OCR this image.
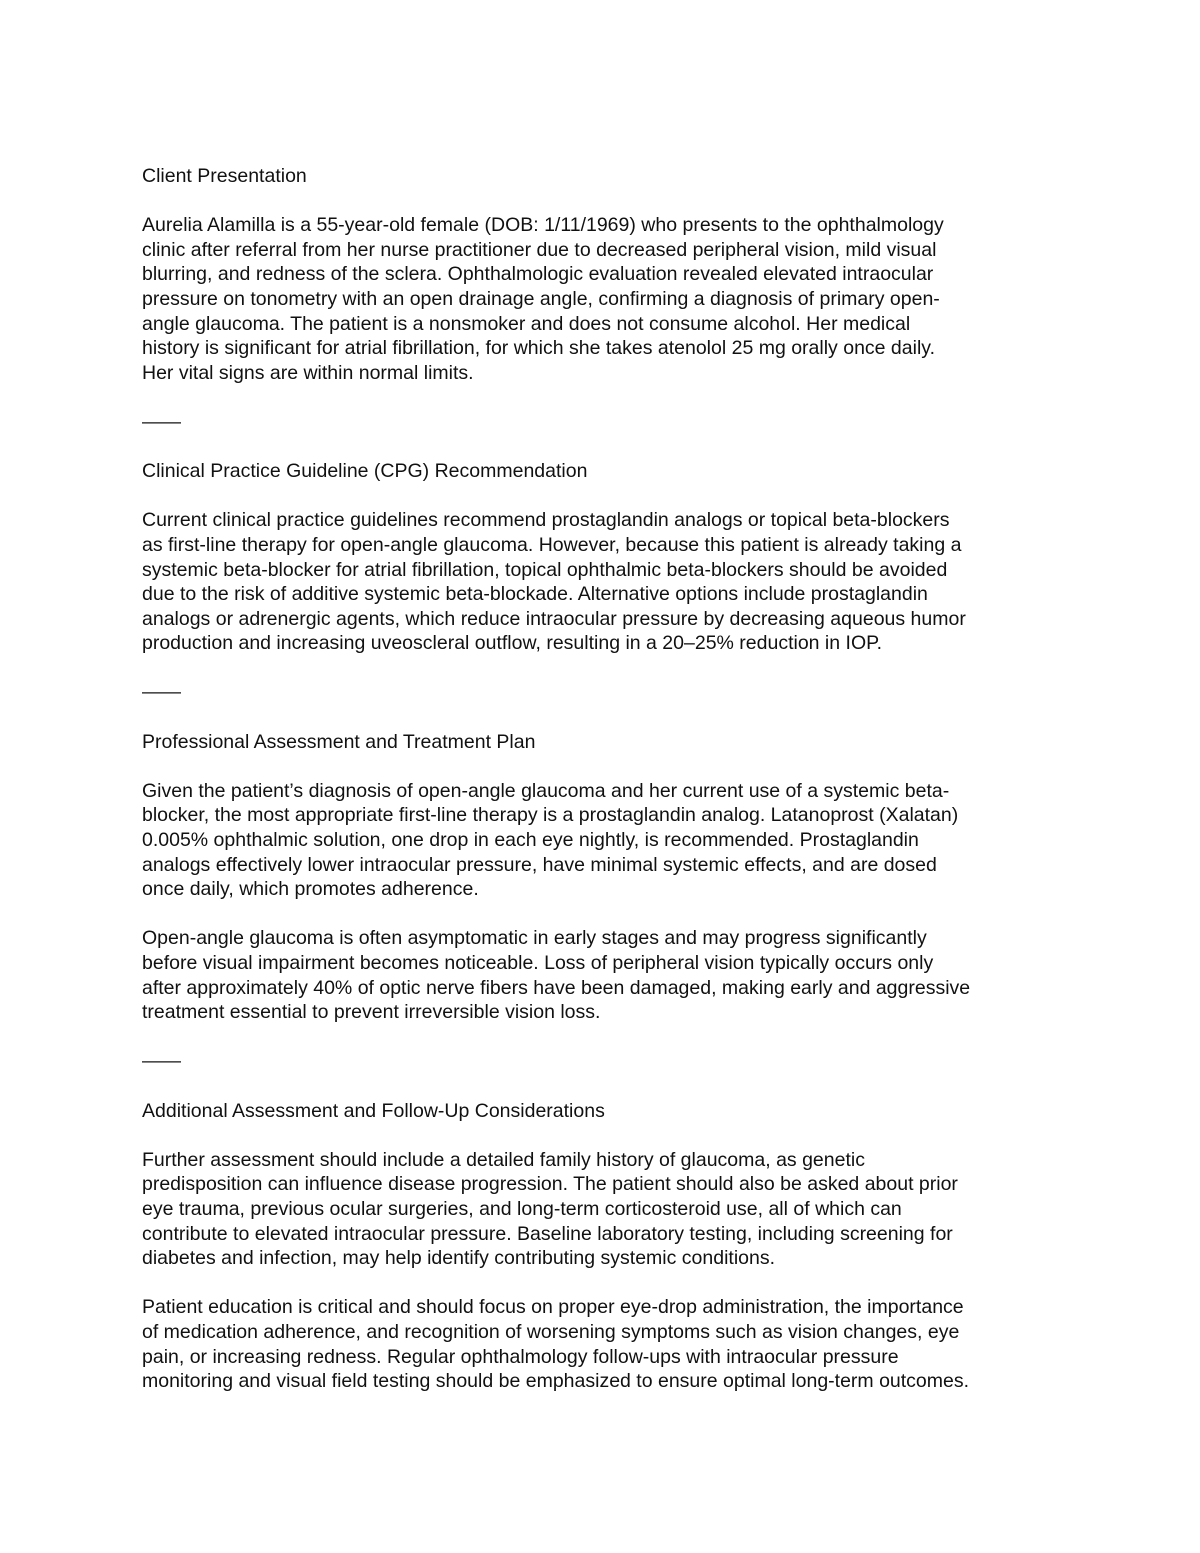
Client Presentation

Aurelia Alamilla is a 55-year-old female (DOB: 1/11/1969) who presents to the ophthalmology
clinic after referral from her nurse practitioner due to decreased peripheral vision, mild visual
blurring, and redness of the sclera. Ophthalmologic evaluation revealed elevated intraocular
pressure on tonometry with an open drainage angle, confirming a diagnosis of primary open-
angle glaucoma. The patient is a nonsmoker and does not consume alcohol. Her medical
history is significant for atrial fibrillation, for which she takes atenolol 25 mg orally once daily.
Her vital signs are within normal limits.

——
Clinical Practice Guideline (CPG) Recommendation

Current clinical practice guidelines recommend prostaglandin analogs or topical beta-blockers
as first-line therapy for open-angle glaucoma. However, because this patient is already taking a
systemic beta-blocker for atrial fibrillation, topical ophthalmic beta-blockers should be avoided
due to the risk of additive systemic beta-blockade. Alternative options include prostaglandin
analogs or adrenergic agents, which reduce intraocular pressure by decreasing aqueous humor
production and increasing uveoscleral outflow, resulting in a 20–25% reduction in IOP.

——
Professional Assessment and Treatment Plan

Given the patient’s diagnosis of open-angle glaucoma and her current use of a systemic beta-
blocker, the most appropriate first-line therapy is a prostaglandin analog. Latanoprost (Xalatan)
0.005% ophthalmic solution, one drop in each eye nightly, is recommended. Prostaglandin
analogs effectively lower intraocular pressure, have minimal systemic effects, and are dosed
once daily, which promotes adherence.

Open-angle glaucoma is often asymptomatic in early stages and may progress significantly
before visual impairment becomes noticeable. Loss of peripheral vision typically occurs only
after approximately 40% of optic nerve fibers have been damaged, making early and aggressive
treatment essential to prevent irreversible vision loss.

——
Additional Assessment and Follow-Up Considerations

Further assessment should include a detailed family history of glaucoma, as genetic
predisposition can influence disease progression. The patient should also be asked about prior
eye trauma, previous ocular surgeries, and long-term corticosteroid use, all of which can
contribute to elevated intraocular pressure. Baseline laboratory testing, including screening for
diabetes and infection, may help identify contributing systemic conditions.

Patient education is critical and should focus on proper eye-drop administration, the importance
of medication adherence, and recognition of worsening symptoms such as vision changes, eye
pain, or increasing redness. Regular ophthalmology follow-ups with intraocular pressure
monitoring and visual field testing should be emphasized to ensure optimal long-term outcomes.
